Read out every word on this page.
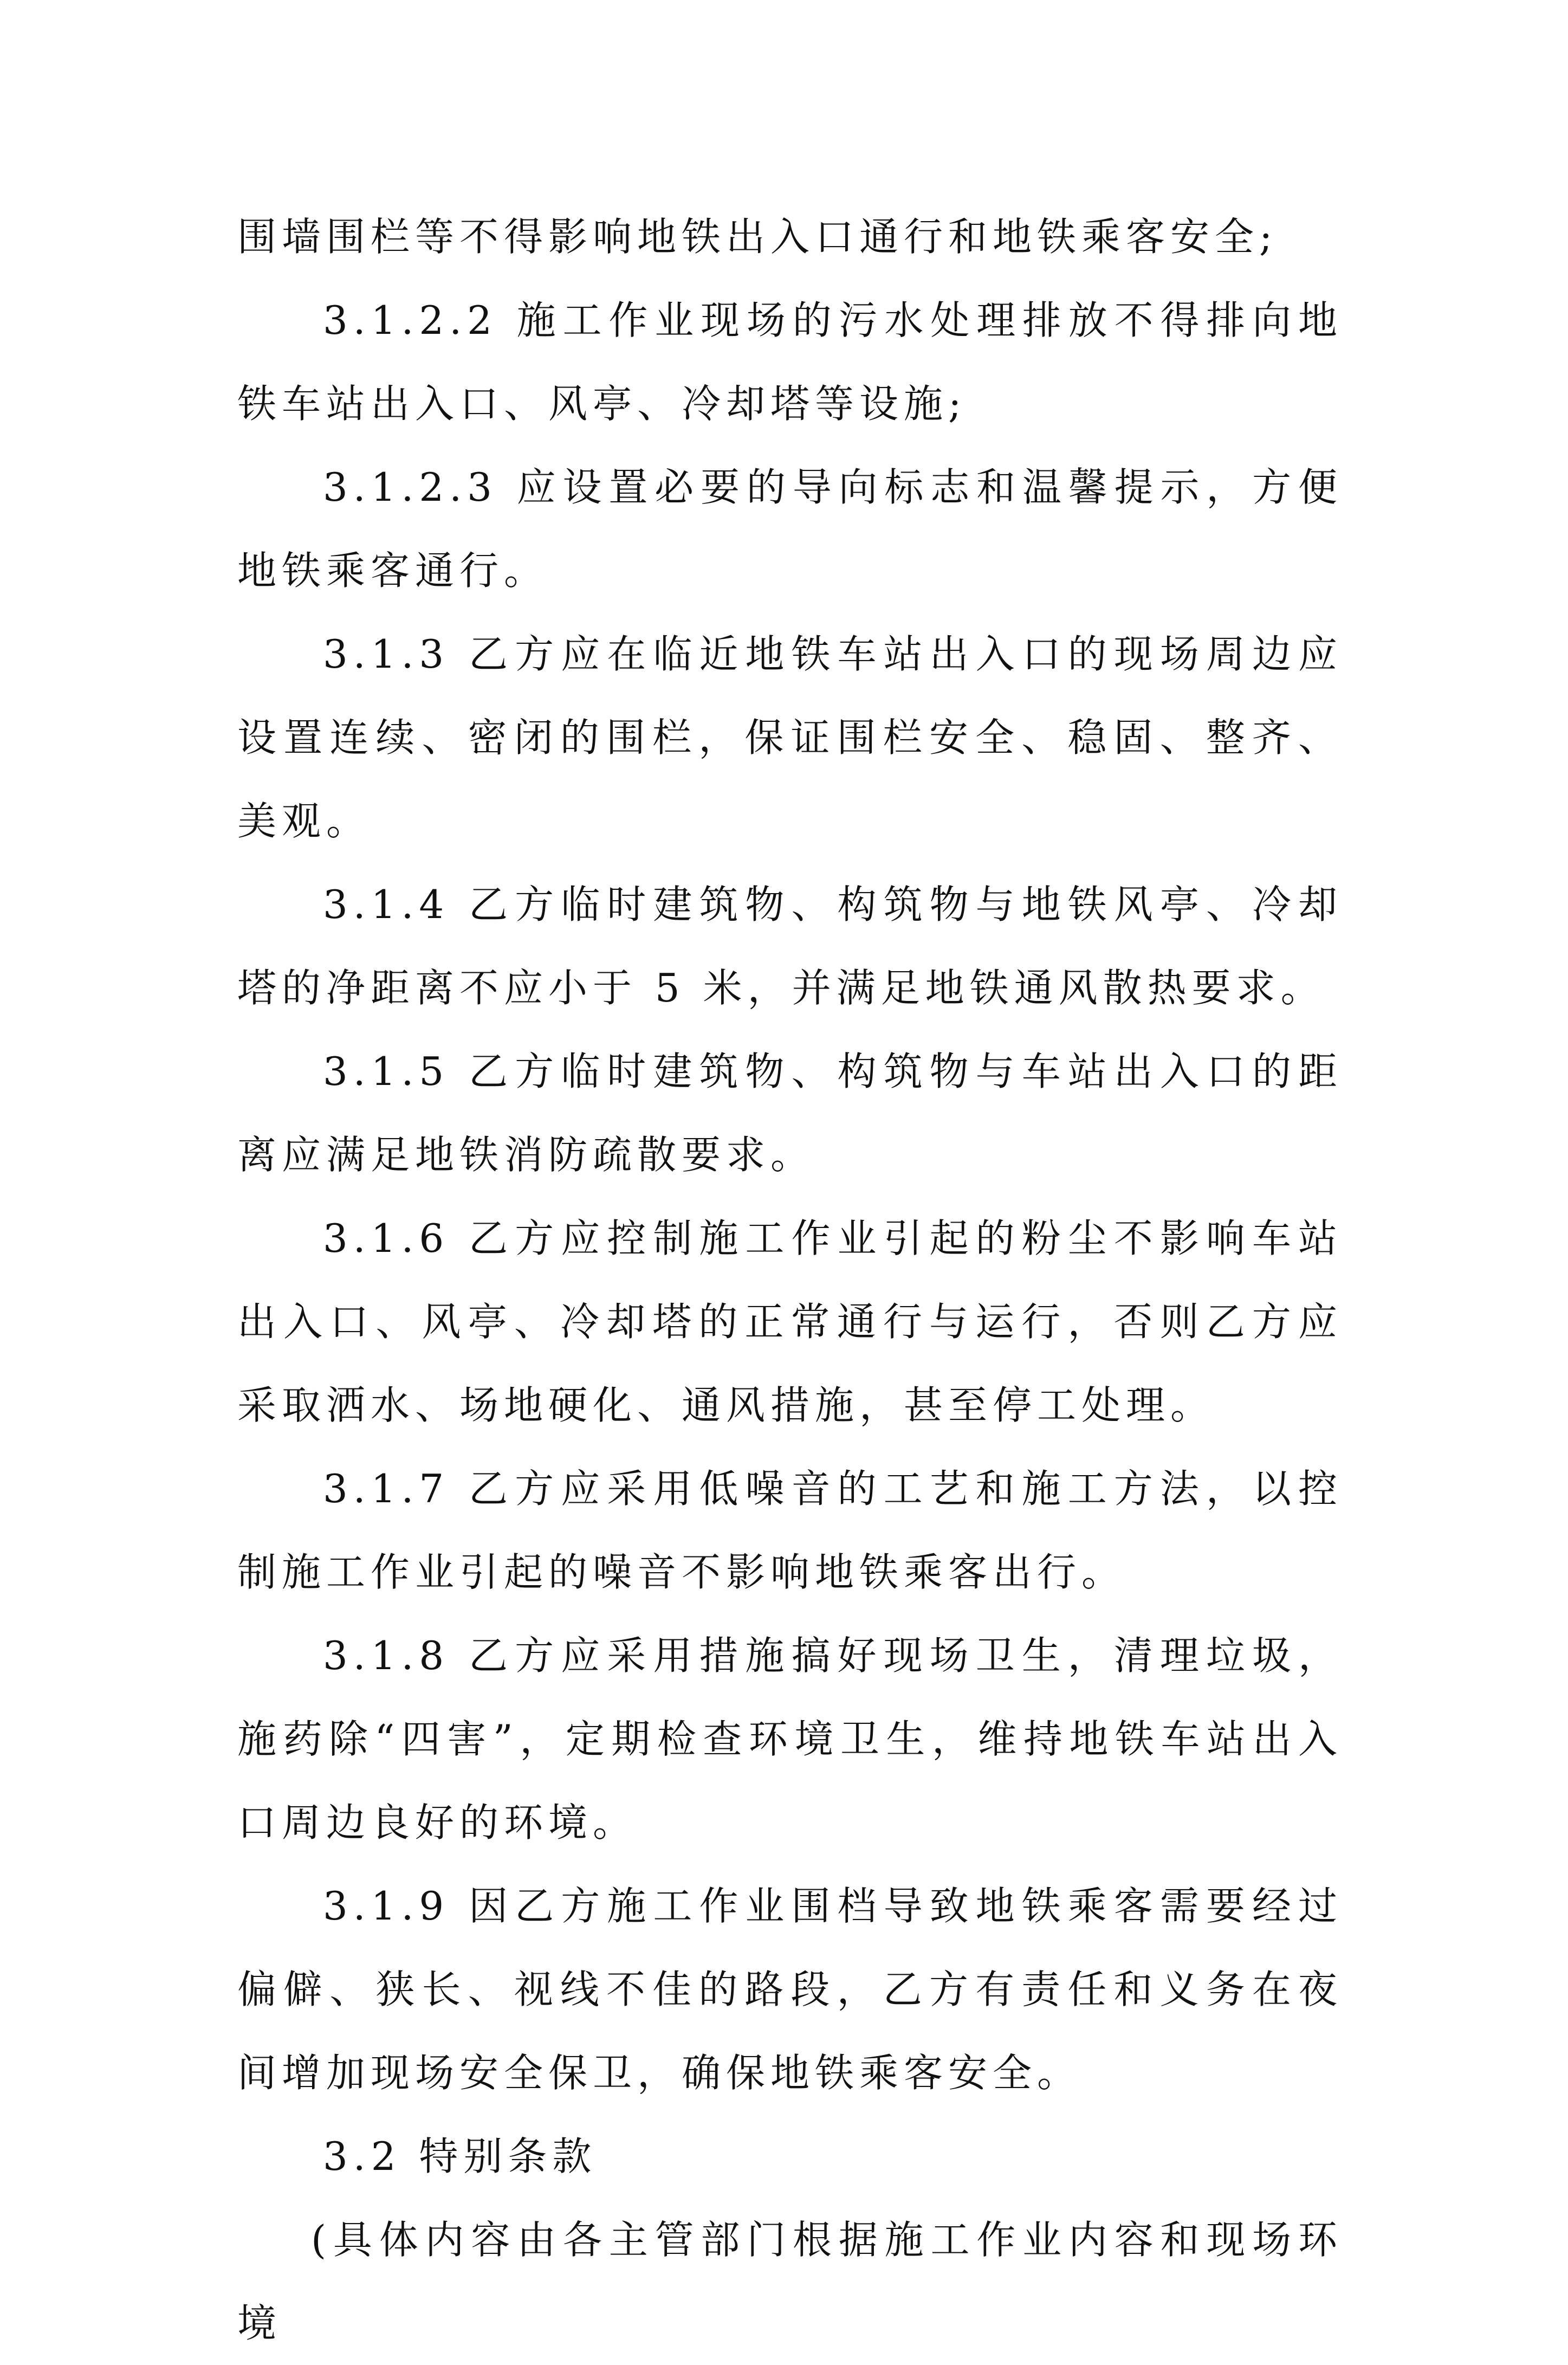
围墙围栏等不得影响地铁出入口通行和地铁乘客安全;

3.1.2.2 施工作业现场的污水处理排放不得排向地铁车站出入口、风亭、冷却塔等设施;

3.1.2.3 应设置必要的导向标志和温馨提示，方便地铁乘客通行。

3.1.3 乙方应在临近地铁车站出入口的现场周边应设置连续、密闭的围栏，保证围栏安全、稳固、整齐、美观。

3.1.4 乙方临时建筑物、构筑物与地铁风亭、冷却塔的净距离不应小于 5 米，并满足地铁通风散热要求。

3.1.5 乙方临时建筑物、构筑物与车站出入口的距离应满足地铁消防疏散要求。

3.1.6 乙方应控制施工作业引起的粉尘不影响车站出入口、风亭、冷却塔的正常通行与运行，否则乙方应采取洒水、场地硬化、通风措施，甚至停工处理。

3.1.7 乙方应采用低噪音的工艺和施工方法，以控制施工作业引起的噪音不影响地铁乘客出行。

3.1.8 乙方应采用措施搞好现场卫生，清理垃圾，施药除“四害”，定期检查环境卫生，维持地铁车站出入口周边良好的环境。

3.1.9 因乙方施工作业围档导致地铁乘客需要经过偏僻、狭长、视线不佳的路段，乙方有责任和义务在夜间增加现场安全保卫，确保地铁乘客安全。

3.2 特别条款

(具体内容由各主管部门根据施工作业内容和现场环境
